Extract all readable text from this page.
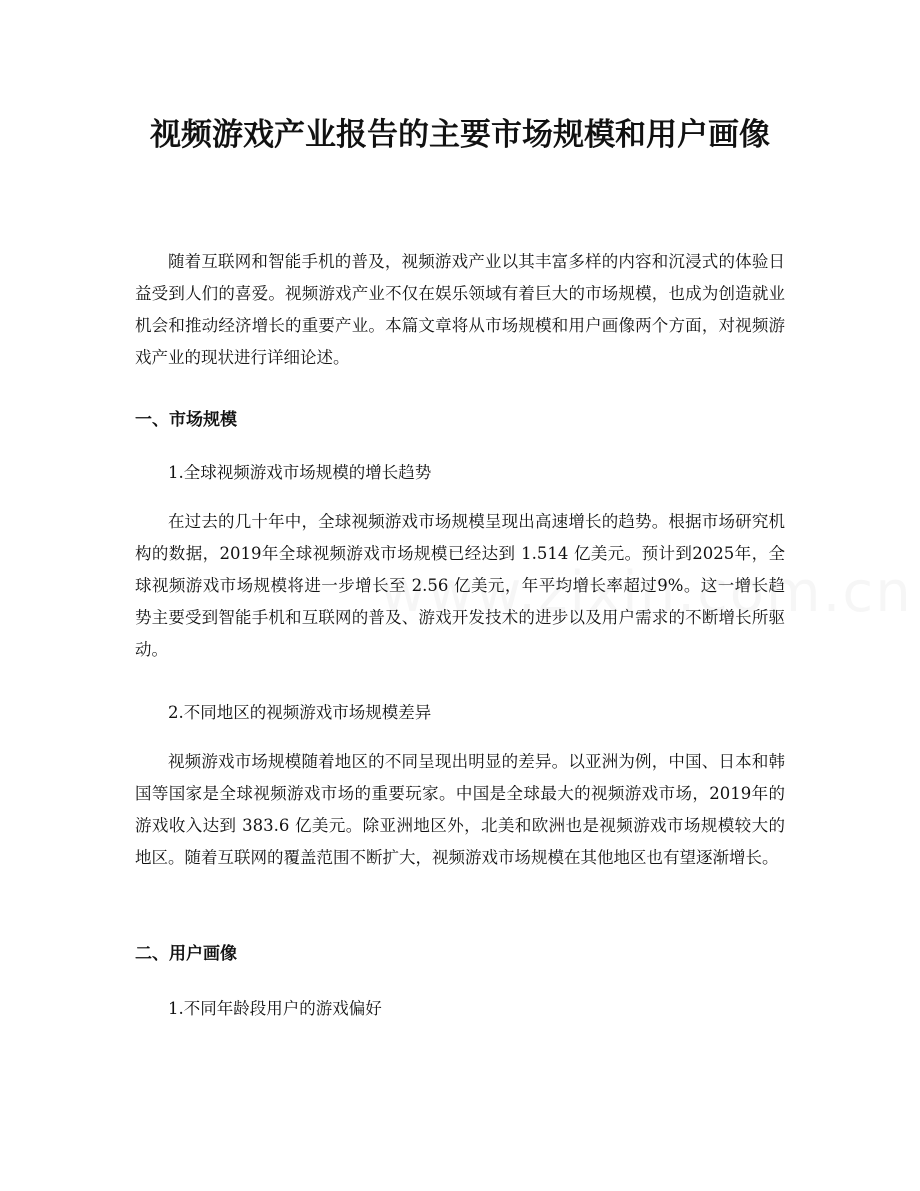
视频游戏产业报告的主要市场规模和用户画像

随着互联网和智能手机的普及，视频游戏产业以其丰富多样的内容和沉浸式的体验日益受到人们的喜爱。视频游戏产业不仅在娱乐领域有着巨大的市场规模，也成为创造就业机会和推动经济增长的重要产业。本篇文章将从市场规模和用户画像两个方面，对视频游戏产业的现状进行详细论述。

一、市场规模

1.全球视频游戏市场规模的增长趋势

在过去的几十年中，全球视频游戏市场规模呈现出高速增长的趋势。根据市场研究机构的数据，2019年全球视频游戏市场规模已经达到 1.514 亿美元。预计到2025年，全球视频游戏市场规模将进一步增长至 2.56 亿美元，年平均增长率超过9%。这一增长趋势主要受到智能手机和互联网的普及、游戏开发技术的进步以及用户需求的不断增长所驱动。

2.不同地区的视频游戏市场规模差异

视频游戏市场规模随着地区的不同呈现出明显的差异。以亚洲为例，中国、日本和韩国等国家是全球视频游戏市场的重要玩家。中国是全球最大的视频游戏市场，2019年的游戏收入达到 383.6 亿美元。除亚洲地区外，北美和欧洲也是视频游戏市场规模较大的地区。随着互联网的覆盖范围不断扩大，视频游戏市场规模在其他地区也有望逐渐增长。

二、用户画像

1.不同年龄段用户的游戏偏好
